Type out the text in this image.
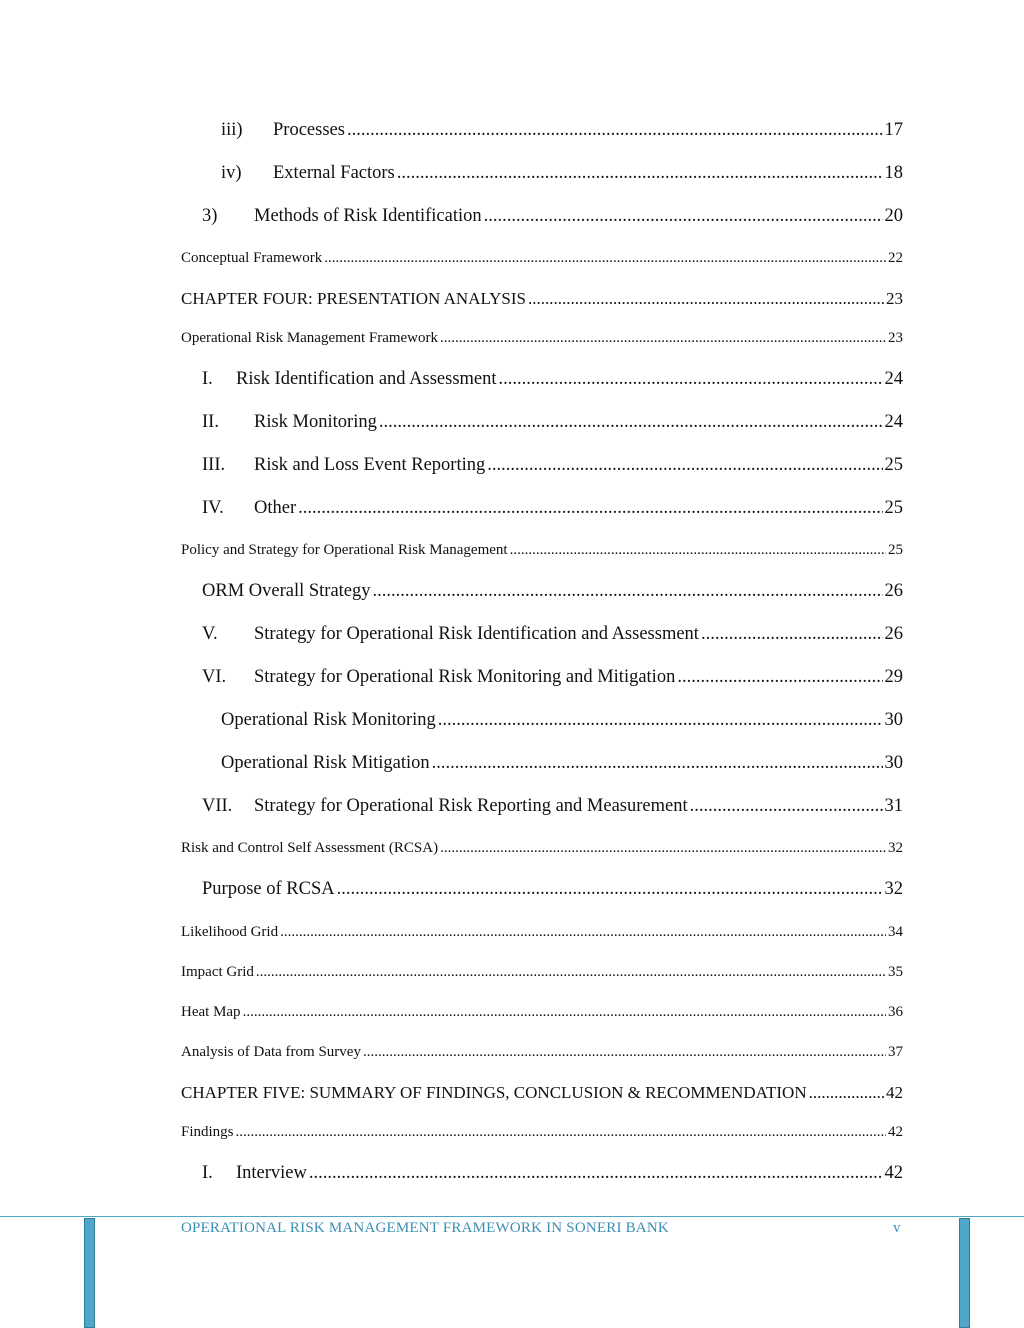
iii)	Processes .....	17
iv)	External Factors .....	18
3)	Methods of Risk Identification .....	20
Conceptual Framework .....	22
CHAPTER FOUR: PRESENTATION ANALYSIS .....	23
Operational Risk Management Framework .....	23
I.	Risk Identification and Assessment .....	24
II.	Risk Monitoring .....	24
III.	Risk and Loss Event Reporting .....	25
IV.	Other .....	25
Policy and Strategy for Operational Risk Management .....	25
ORM Overall Strategy .....	26
V.	Strategy for Operational Risk Identification and Assessment .....	26
VI.	Strategy for Operational Risk Monitoring and Mitigation .....	29
Operational Risk Monitoring .....	30
Operational Risk Mitigation .....	30
VII.	Strategy for Operational Risk Reporting and Measurement .....	31
Risk and Control Self Assessment (RCSA) .....	32
Purpose of RCSA .....	32
Likelihood Grid .....	34
Impact Grid .....	35
Heat Map .....	36
Analysis of Data from Survey .....	37
CHAPTER FIVE: SUMMARY OF FINDINGS, CONCLUSION & RECOMMENDATION .....	42
Findings .....	42
I.	Interview .....	42
OPERATIONAL RISK MANAGEMENT FRAMEWORK IN SONERI BANK	v
